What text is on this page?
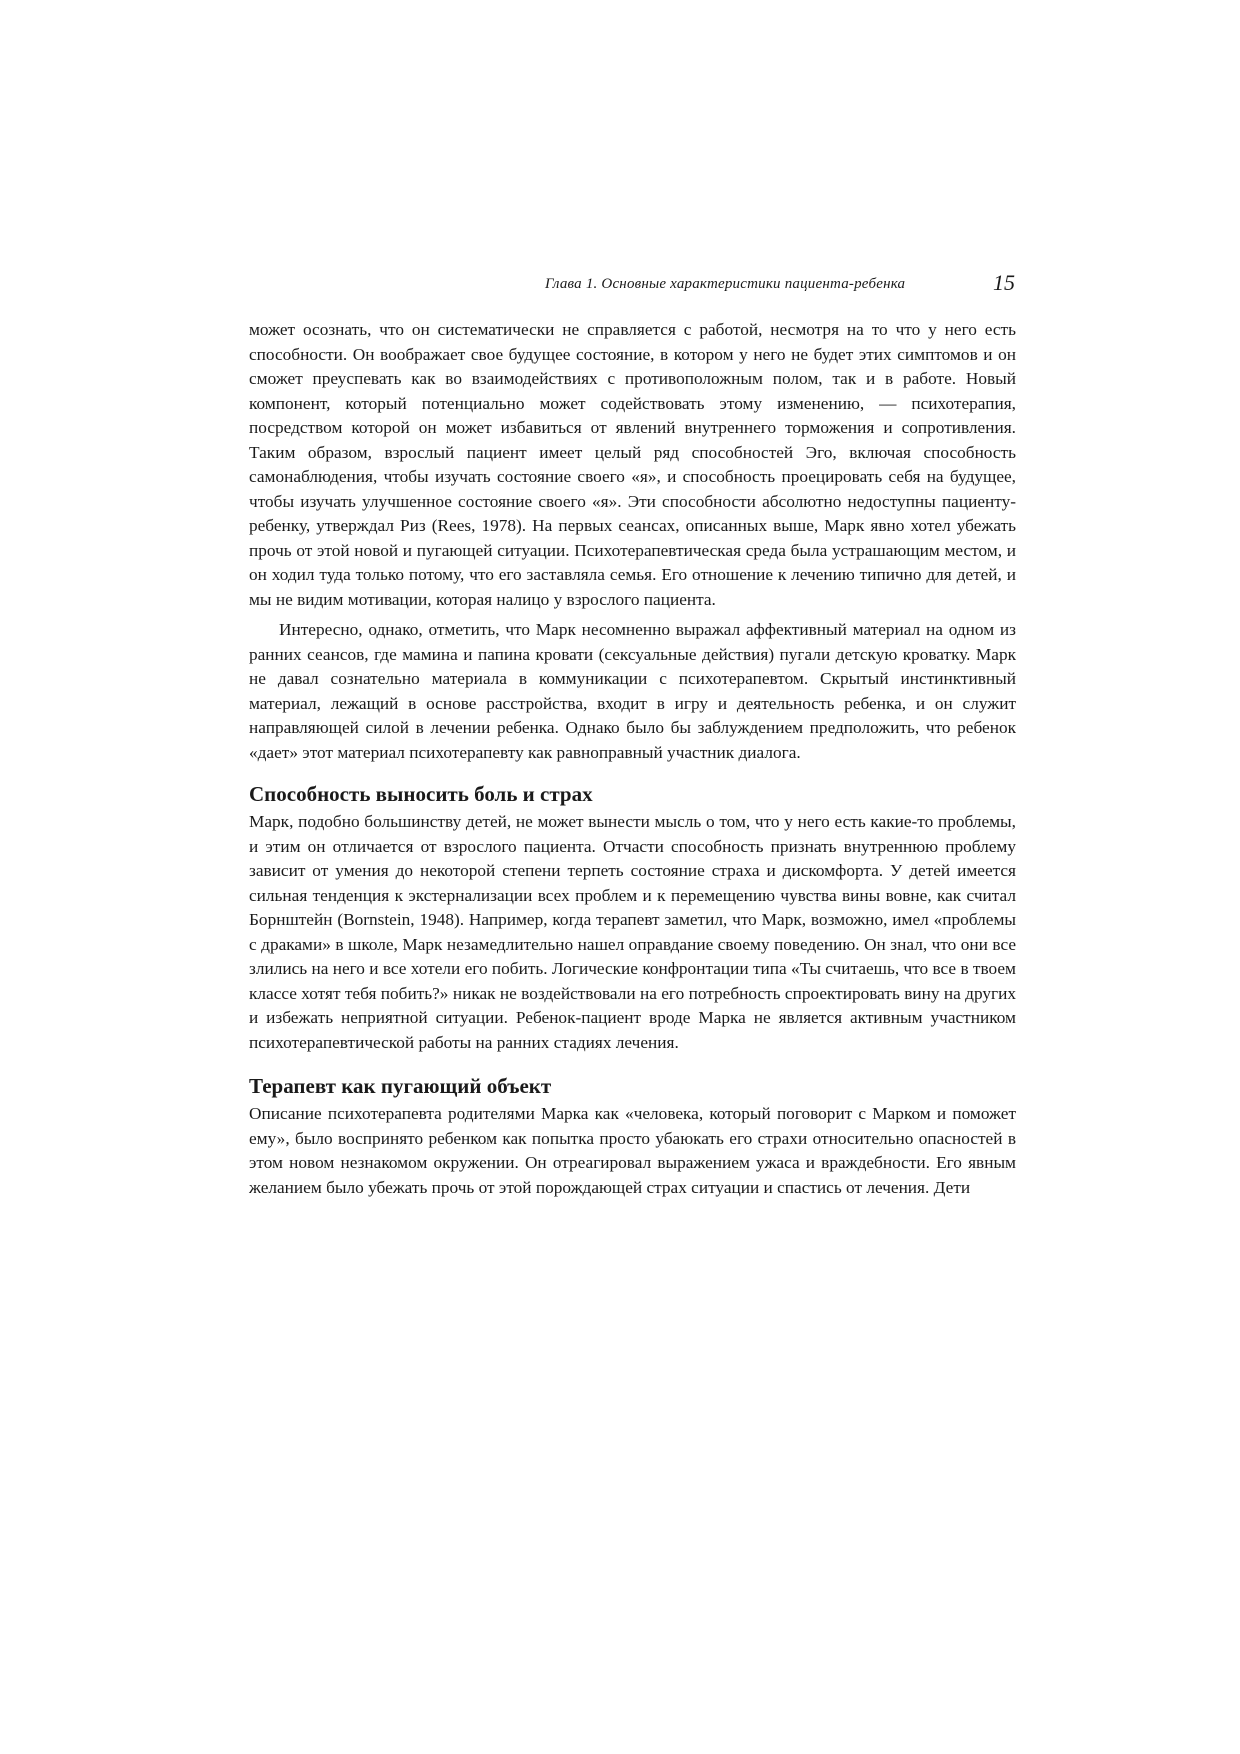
Глава 1. Основные характеристики пациента-ребенка	15

может осознать, что он систематически не справляется с работой, несмотря на то что у него есть способности. Он воображает свое будущее состояние, в котором у него не будет этих симптомов и он сможет преуспевать как во взаимодействиях с противоположным полом, так и в работе. Новый компонент, который потенциально может содействовать этому изменению, — психотерапия, посредством которой он может избавиться от явлений внутреннего торможения и сопротивления. Таким образом, взрослый пациент имеет целый ряд способностей Эго, включая способность самонаблюдения, чтобы изучать состояние своего «я», и способность проецировать себя на будущее, чтобы изучать улучшенное состояние своего «я». Эти способности абсолютно недоступны пациенту-ребенку, утверждал Риз (Rees, 1978). На первых сеансах, описанных выше, Марк явно хотел убежать прочь от этой новой и пугающей ситуации. Психотерапевтическая среда была устрашающим местом, и он ходил туда только потому, что его заставляла семья. Его отношение к лечению типично для детей, и мы не видим мотивации, которая налицо у взрослого пациента.

Интересно, однако, отметить, что Марк несомненно выражал аффективный материал на одном из ранних сеансов, где мамина и папина кровати (сексуальные действия) пугали детскую кроватку. Марк не давал сознательно материала в коммуникации с психотерапевтом. Скрытый инстинктивный материал, лежащий в основе расстройства, входит в игру и деятельность ребенка, и он служит направляющей силой в лечении ребенка. Однако было бы заблуждением предположить, что ребенок «дает» этот материал психотерапевту как равноправный участник диалога.

Способность выносить боль и страх

Марк, подобно большинству детей, не может вынести мысль о том, что у него есть какие-то проблемы, и этим он отличается от взрослого пациента. Отчасти способность признать внутреннюю проблему зависит от умения до некоторой степени терпеть состояние страха и дискомфорта. У детей имеется сильная тенденция к экстернализации всех проблем и к перемещению чувства вины вовне, как считал Борнштейн (Bornstein, 1948). Например, когда терапевт заметил, что Марк, возможно, имел «проблемы с драками» в школе, Марк незамедлительно нашел оправдание своему поведению. Он знал, что они все злились на него и все хотели его побить. Логические конфронтации типа «Ты считаешь, что все в твоем классе хотят тебя побить?» никак не воздействовали на его потребность спроектировать вину на других и избежать неприятной ситуации. Ребенок-пациент вроде Марка не является активным участником психотерапевтической работы на ранних стадиях лечения.

Терапевт как пугающий объект

Описание психотерапевта родителями Марка как «человека, который поговорит с Марком и поможет ему», было воспринято ребенком как попытка просто убаюкать его страхи относительно опасностей в этом новом незнакомом окружении. Он отреагировал выражением ужаса и враждебности. Его явным желанием было убежать прочь от этой порождающей страх ситуации и спастись от лечения. Дети
